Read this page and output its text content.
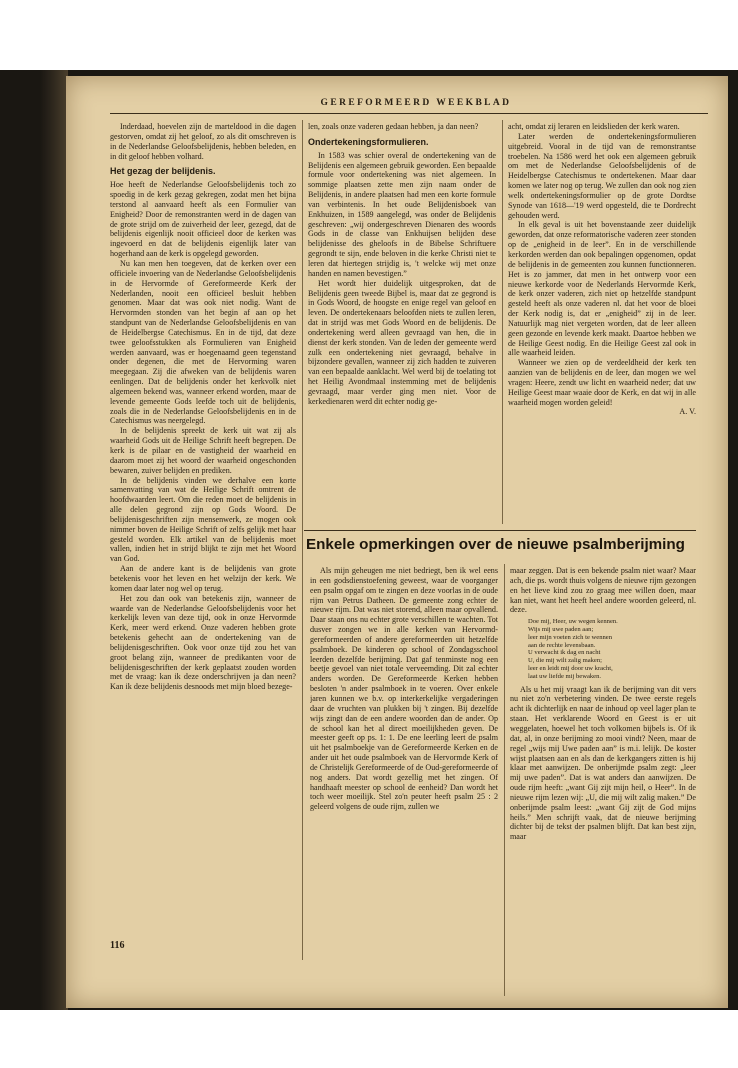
GEREFORMEERD WEEKBLAD

Inderdaad, hoevelen zijn de marteldood in die dagen gestorven, omdat zij het geloof, zo als dit omschreven is in de Nederlandse Geloofsbelijdenis, hebben beleden, en in dit geloof hebben volhard.

Het gezag der belijdenis.

Hoe heeft de Nederlandse Geloofsbelijdenis toch zo spoedig in de kerk gezag gekregen, zodat men het bijna terstond al aanvaard heeft als een Formulier van Enigheid? Door de remonstranten werd in de dagen van de grote strijd om de zuiverheid der leer, gezegd, dat de belijdenis eigenlijk nooit officieel door de kerken was ingevoerd en dat de belijdenis eigenlijk later van hogerhand aan de kerk is opgelegd geworden.

Nu kan men hen toegeven, dat de kerken over een officiele invoering van de Nederlandse Geloofsbelijdenis in de Hervormde of Gereformeerde Kerk der Nederlanden, nooit een officieel besluit hebben genomen. Maar dat was ook niet nodig. Want de Hervormden stonden van het begin af aan op het standpunt van de Nederlandse Geloofsbelijdenis en van de Heidelbergse Catechismus. En in de tijd, dat deze twee geloofsstukken als Formulieren van Enigheid werden aanvaard, was er hoegenaamd geen tegenstand onder degenen, die met de Hervorming waren meegegaan. Zij die afweken van de belijdenis waren eenlingen. Dat de belijdenis onder het kerkvolk niet algemeen bekend was, wanneer erkend worden, maar de levende gemeente Gods leefde toch uit de belijdenis, zoals die in de Nederlandse Geloofsbelijdenis en in de Catechismus was neergelegd.

In de belijdenis spreekt de kerk uit wat zij als waarheid Gods uit de Heilige Schrift heeft begrepen. De kerk is de pilaar en de vastigheid der waarheid en daarom moet zij het woord der waarheid ongeschonden bewaren, zuiver belijden en prediken.

In de belijdenis vinden we derhalve een korte samenvatting van wat de Heilige Schrift omtrent de hoofdwaarden leert. Om die reden moet de belijdenis in alle delen gegrond zijn op Gods Woord. De belijdenisgeschriften zijn mensenwerk, ze mogen ook nimmer boven de Heilige Schrift of zelfs gelijk met haar gesteld worden. Elk artikel van de belijdenis moet vallen, indien het in strijd blijkt te zijn met het Woord van God.

Aan de andere kant is de belijdenis van grote betekenis voor het leven en het welzijn der kerk. We komen daar later nog wel op terug.

Het zou dan ook van betekenis zijn, wanneer de waarde van de Nederlandse Geloofsbelijdenis voor het kerkelijk leven van deze tijd, ook in onze Hervormde Kerk, meer werd erkend. Onze vaderen hebben grote betekenis gehecht aan de ondertekening van de belijdenisgeschriften. Ook voor onze tijd zou het van groot belang zijn, wanneer de predikanten voor de belijdenisgeschriften der kerk geplaatst zouden worden met de vraag: kan ik deze onderschrijven ja dan neen? Kan ik deze belijdenis desnoods met mijn bloed bezege-

len, zoals onze vaderen gedaan hebben, ja dan neen?

Ondertekeningsformulieren.

In 1583 was schier overal de ondertekening van de Belijdenis een algemeen gebruik geworden. Een bepaalde formule voor ondertekening was niet algemeen. In sommige plaatsen zette men zijn naam onder de Belijdenis, in andere plaatsen had men een korte formule van verbintenis. In het oude Belijdenisboek van Enkhuizen, in 1589 aangelegd, was onder de Belijdenis geschreven: „wij ondergeschreven Dienaren des woords Gods in de classe van Enkhuijsen belijden dese belijdenisse des gheloofs in de Bibelse Schriftuere gegrondt te sijn, ende beloven in die kerke Christi niet te leren dat hiertegen strijdig is, 't welcke wij met onze handen en namen bevestigen.”

Het wordt hier duidelijk uitgesproken, dat de Belijdenis geen tweede Bijbel is, maar dat ze gegrond is in Gods Woord, de hoogste en enige regel van geloof en leven. De ondertekenaars beloofden niets te zullen leren, dat in strijd was met Gods Woord en de belijdenis. De ondertekening werd alleen gevraagd van hen, die in dienst der kerk stonden. Van de leden der gemeente werd zulk een ondertekening niet gevraagd, behalve in bijzondere gevallen, wanneer zij zich hadden te zuiveren van een bepaalde aanklacht. Wel werd bij de toelating tot het Heilig Avondmaal instemming met de belijdenis gevraagd, maar verder ging men niet. Voor de kerkedienaren werd dit echter nodig ge-

acht, omdat zij leraren en leidslieden der kerk waren.

Later werden de ondertekeningsformulieren uitgebreid. Vooral in de tijd van de remonstrantse troebelen. Na 1586 werd het ook een algemeen gebruik om met de Nederlandse Geloofsbelijdenis of de Heidelbergse Catechismus te ondertekenen. Maar daar komen we later nog op terug. We zullen dan ook nog zien welk ondertekeningsformulier op de grote Dordtse Synode van 1618—'19 werd opgesteld, die te Dordrecht gehouden werd.

In elk geval is uit het bovenstaande zeer duidelijk geworden, dat onze reformatorische vaderen zeer stonden op de „enigheid in de leer”. En in de verschillende kerkorden werden dan ook bepalingen opgenomen, opdat de belijdenis in de gemeenten zou kunnen functionneren. Het is zo jammer, dat men in het ontwerp voor een nieuwe kerkorde voor de Nederlands Hervormde Kerk, de kerk onzer vaderen, zich niet op hetzelfde standpunt gesteld heeft als onze vaderen nl. dat het voor de bloei der Kerk nodig is, dat er „enigheid” zij in de leer. Natuurlijk mag niet vergeten worden, dat de leer alleen geen gezonde en levende kerk maakt. Daartoe hebben we de Heilige Geest nodig. En die Heilige Geest zal ook in alle waarheid leiden.

Wanneer we zien op de verdeeldheid der kerk ten aanzien van de belijdenis en de leer, dan mogen we wel vragen: Heere, zendt uw licht en waarheid neder; dat uw Heilige Geest maar waaie door de Kerk, en dat wij in alle waarheid mogen worden geleid!

A. V.
Enkele opmerkingen over de nieuwe psalmberijming

Als mijn geheugen me niet bedriegt, ben ik wel eens in een godsdienstoefening geweest, waar de voorganger een psalm opgaf om te zingen en deze voorlas in de oude rijm van Petrus Datheen. De gemeente zong echter de nieuwe rijm. Dat was niet storend, alleen maar opvallend. Daar staan ons nu echter grote verschillen te wachten. Tot dusver zongen we in alle kerken van Hervormd-gereformeerden of andere gereformeerden uit hetzelfde psalmboek. De kinderen op school of Zondagsschool leerden dezelfde berijming. Dat gaf tenminste nog een beetje gevoel van niet totale verveemding. Dit zal echter anders worden. De Gereformeerde Kerken hebben besloten 'n ander psalmboek in te voeren. Over enkele jaren kunnen we b.v. op interkerkelijke vergaderingen daar de vruchten van plukken bij 't zingen. Bij dezelfde wijs zingt dan de een andere woorden dan de ander. Op de school kan het al direct moeilijkheden geven. De meester geeft op ps. 1: 1. De ene leerling leert de psalm uit het psalmboekje van de Gereformeerde Kerken en de ander uit het oude psalmboek van de Hervormde Kerk of de Christelijk Gereformeerde of de Oud-gereformeerde of nog anders. Dat wordt gezellig met het zingen. Of handhaaft meester op school de eenheid? Dan wordt het toch weer moeilijk. Stel zo'n peuter heeft psalm 25 : 2 geleerd volgens de oude rijm, zullen we

maar zeggen. Dat is een bekende psalm niet waar? Maar ach, die ps. wordt thuis volgens de nieuwe rijm gezongen en het lieve kind zou zo graag mee willen doen, maar kan niet, want het heeft heel andere woorden geleerd, nl. deze.

Doe mij, Heer, uw wegen kennen.
Wijs mij uwe paden aan;
leer mijn voeten zich te wennen
aan de rechte levensbaan.
U verwacht ik dag en nacht
U, die mij wilt zalig maken;
leer en leidt mij door uw kracht,
laat uw liefde mij bewaken.

Als u het mij vraagt kan ik de berijming van dit vers nu niet zo'n verbetering vinden. De twee eerste regels acht ik dichterlijk en naar de inhoud op veel lager plan te staan. Het verklarende Woord en Geest is er uit weggelaten, hoewel het toch volkomen bijbels is. Of ik dat, al, in onze berijming zo mooi vindt? Neen, maar de regel „wijs mij Uwe paden aan” is m.i. lelijk. De koster wijst plaatsen aan en als dan de kerkgangers zitten is hij klaar met aanwijzen. De onberijmde psalm zegt: „leer mij uwe paden”. Dat is wat anders dan aanwijzen. De oude rijm heeft: „want Gij zijt mijn heil, o Heer”. In de nieuwe rijm lezen wij: „U, die mij wilt zalig maken.” De onberijmde psalm leest: „want Gij zijt de God mijns heils.” Men schrijft vaak, dat de nieuwe berijming dichter bij de tekst der psalmen blijft. Dat kan best zijn, maar

116
